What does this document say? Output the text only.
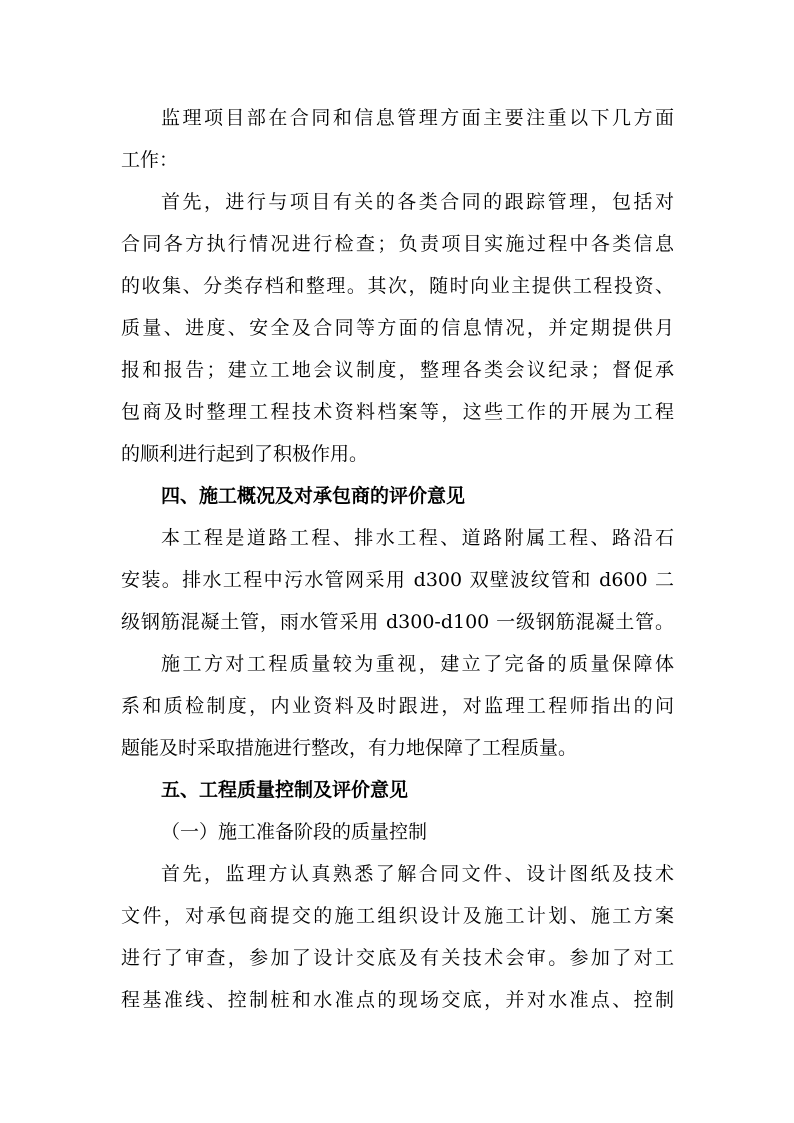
监理项目部在合同和信息管理方面主要注重以下几方面
工作：
首先，进行与项目有关的各类合同的跟踪管理，包括对
合同各方执行情况进行检查；负责项目实施过程中各类信息
的收集、分类存档和整理。其次，随时向业主提供工程投资、
质量、进度、安全及合同等方面的信息情况，并定期提供月
报和报告；建立工地会议制度，整理各类会议纪录；督促承
包商及时整理工程技术资料档案等，这些工作的开展为工程
的顺利进行起到了积极作用。
四、施工概况及对承包商的评价意见
本工程是道路工程、排水工程、道路附属工程、路沿石
安装。排水工程中污水管网采用 d300 双壁波纹管和 d600 二
级钢筋混凝土管，雨水管采用 d300-d100 一级钢筋混凝土管。
施工方对工程质量较为重视，建立了完备的质量保障体
系和质检制度，内业资料及时跟进，对监理工程师指出的问
题能及时采取措施进行整改，有力地保障了工程质量。
五、工程质量控制及评价意见
（一）施工准备阶段的质量控制
首先，监理方认真熟悉了解合同文件、设计图纸及技术
文件，对承包商提交的施工组织设计及施工计划、施工方案
进行了审查，参加了设计交底及有关技术会审。参加了对工
程基准线、控制桩和水准点的现场交底，并对水准点、控制
